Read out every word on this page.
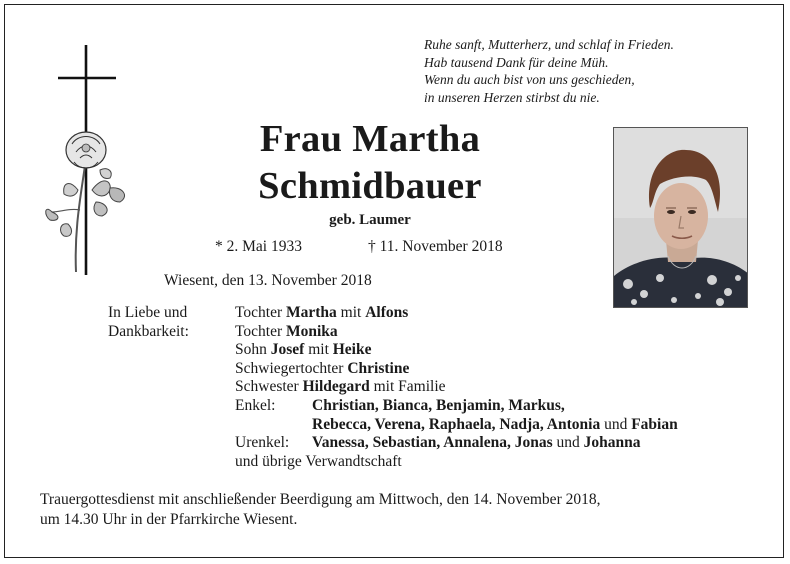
Ruhe sanft, Mutterherz, und schlaf in Frieden.
Hab tausend Dank für deine Müh.
Wenn du auch bist von uns geschieden,
in unseren Herzen stirbst du nie.
Frau Martha
Schmidbauer
geb. Laumer
* 2. Mai 1933	† 11. November 2018
Wiesent, den 13. November 2018
In Liebe und
Dankbarkeit:
Tochter Martha mit Alfons
Tochter Monika
Sohn Josef mit Heike
Schwiegertochter Christine
Schwester Hildegard mit Familie
Enkel: Christian, Bianca, Benjamin, Markus,
Rebecca, Verena, Raphaela, Nadja, Antonia und Fabian
Urenkel: Vanessa, Sebastian, Annalena, Jonas und Johanna
und übrige Verwandtschaft
Trauergottesdienst mit anschließender Beerdigung am Mittwoch, den 14. November 2018,
um 14.30 Uhr in der Pfarrkirche Wiesent.
